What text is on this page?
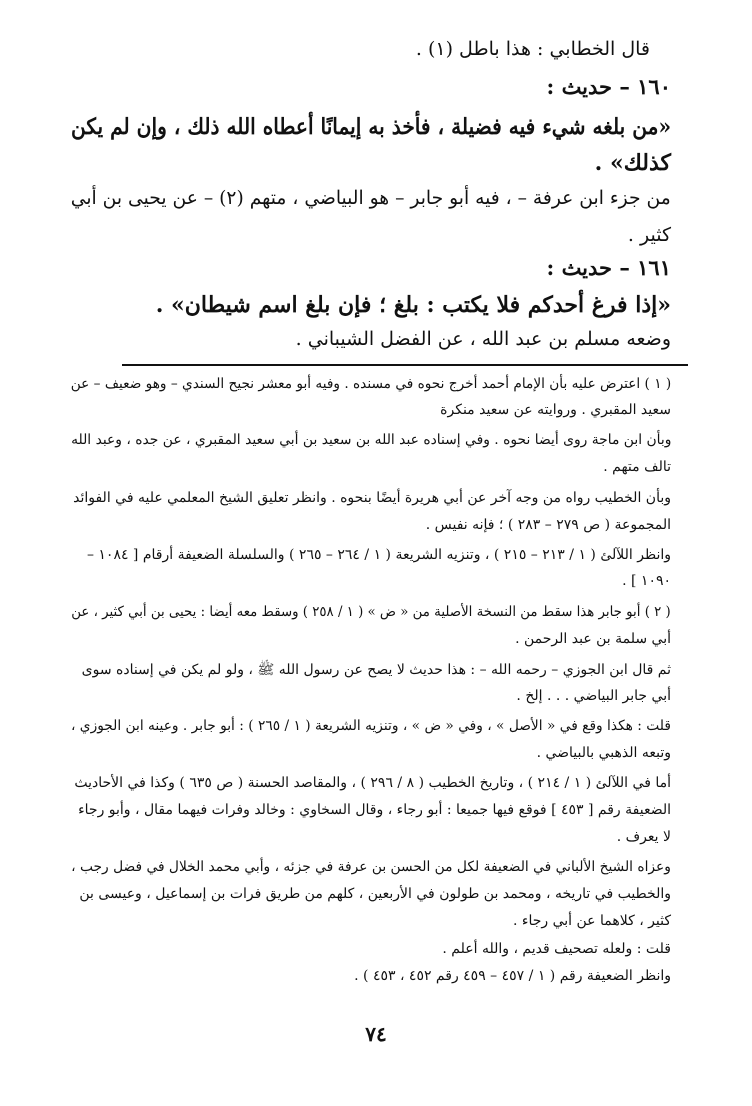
قال الخطابي : هذا باطل (١) .
١٦٠ – حديث :
«من بلغه شيء فيه فضيلة ، فأخذ به إيمانًا أعطاه الله ذلك ، وإن لم يكن
كذلك» .
من جزء ابن عرفة – ، فيه أبو جابر – هو البياضي ، متهم (٢) – عن يحيى بن أبي
كثير .
١٦١ – حديث :
«إذا فرغ أحدكم فلا يكتب : بلغ ؛ فإن بلغ اسم شيطان» .
وضعه مسلم بن عبد الله ، عن الفضل الشيباني .
( ١ ) اعترض عليه بأن الإمام أحمد أخرج نحوه في مسنده . وفيه أبو معشر نجيح السندي – وهو ضعيف – عن
سعيد المقبري . وروايته عن سعيد منكرة
وبأن ابن ماجة روى أيضا نحوه . وفي إسناده عبد الله بن سعيد بن أبي سعيد المقبري ، عن جده ، وعبد الله
تالف متهم .
وبأن الخطيب رواه من وجه آخر عن أبي هريرة أيضًا بنحوه . وانظر تعليق الشيخ المعلمي عليه في الفوائد
المجموعة ( ص ٢٧٩ – ٢٨٣ ) ؛ فإنه نفيس .
وانظر اللآلئ ( ١ / ٢١٣ – ٢١٥ ) ، وتنزيه الشريعة ( ١ / ٢٦٤ – ٢٦٥ ) والسلسلة الضعيفة أرقام [ ١٠٨٤ –
١٠٩٠ ] .
( ٢ ) أبو جابر هذا سقط من النسخة الأصلية من « ض » ( ١ / ٢٥٨ ) وسقط معه أيضا : يحيى بن أبي كثير ، عن
أبي سلمة بن عبد الرحمن .
ثم قال ابن الجوزي – رحمه الله – : هذا حديث لا يصح عن رسول الله ﷺ ، ولو لم يكن في إسناده سوى
أبي جابر البياضي . . . إلخ .
قلت : هكذا وقع في « الأصل » ، وفي « ض » ، وتنزيه الشريعة ( ١ / ٢٦٥ ) : أبو جابر . وعينه ابن الجوزي ،
وتبعه الذهبي بالبياضي .
أما في اللآلئ ( ١ / ٢١٤ ) ، وتاريخ الخطيب ( ٨ / ٢٩٦ ) ، والمقاصد الحسنة ( ص ٦٣٥ ) وكذا في الأحاديث
الضعيفة رقم [ ٤٥٣ ] فوقع فيها جميعا : أبو رجاء ، وقال السخاوي : وخالد وفرات فيهما مقال ، وأبو رجاء
لا يعرف .
وعزاه الشيخ الألباني في الضعيفة لكل من الحسن بن عرفة في جزئه ، وأبي محمد الخلال في فضل رجب ،
والخطيب في تاريخه ، ومحمد بن طولون في الأربعين ، كلهم من طريق فرات بن إسماعيل ، وعيسى بن
كثير ، كلاهما عن أبي رجاء .
قلت : ولعله تصحيف قديم ، والله أعلم .
وانظر الضعيفة رقم ( ١ / ٤٥٧ – ٤٥٩ رقم ٤٥٢ ، ٤٥٣ ) .
٧٤
